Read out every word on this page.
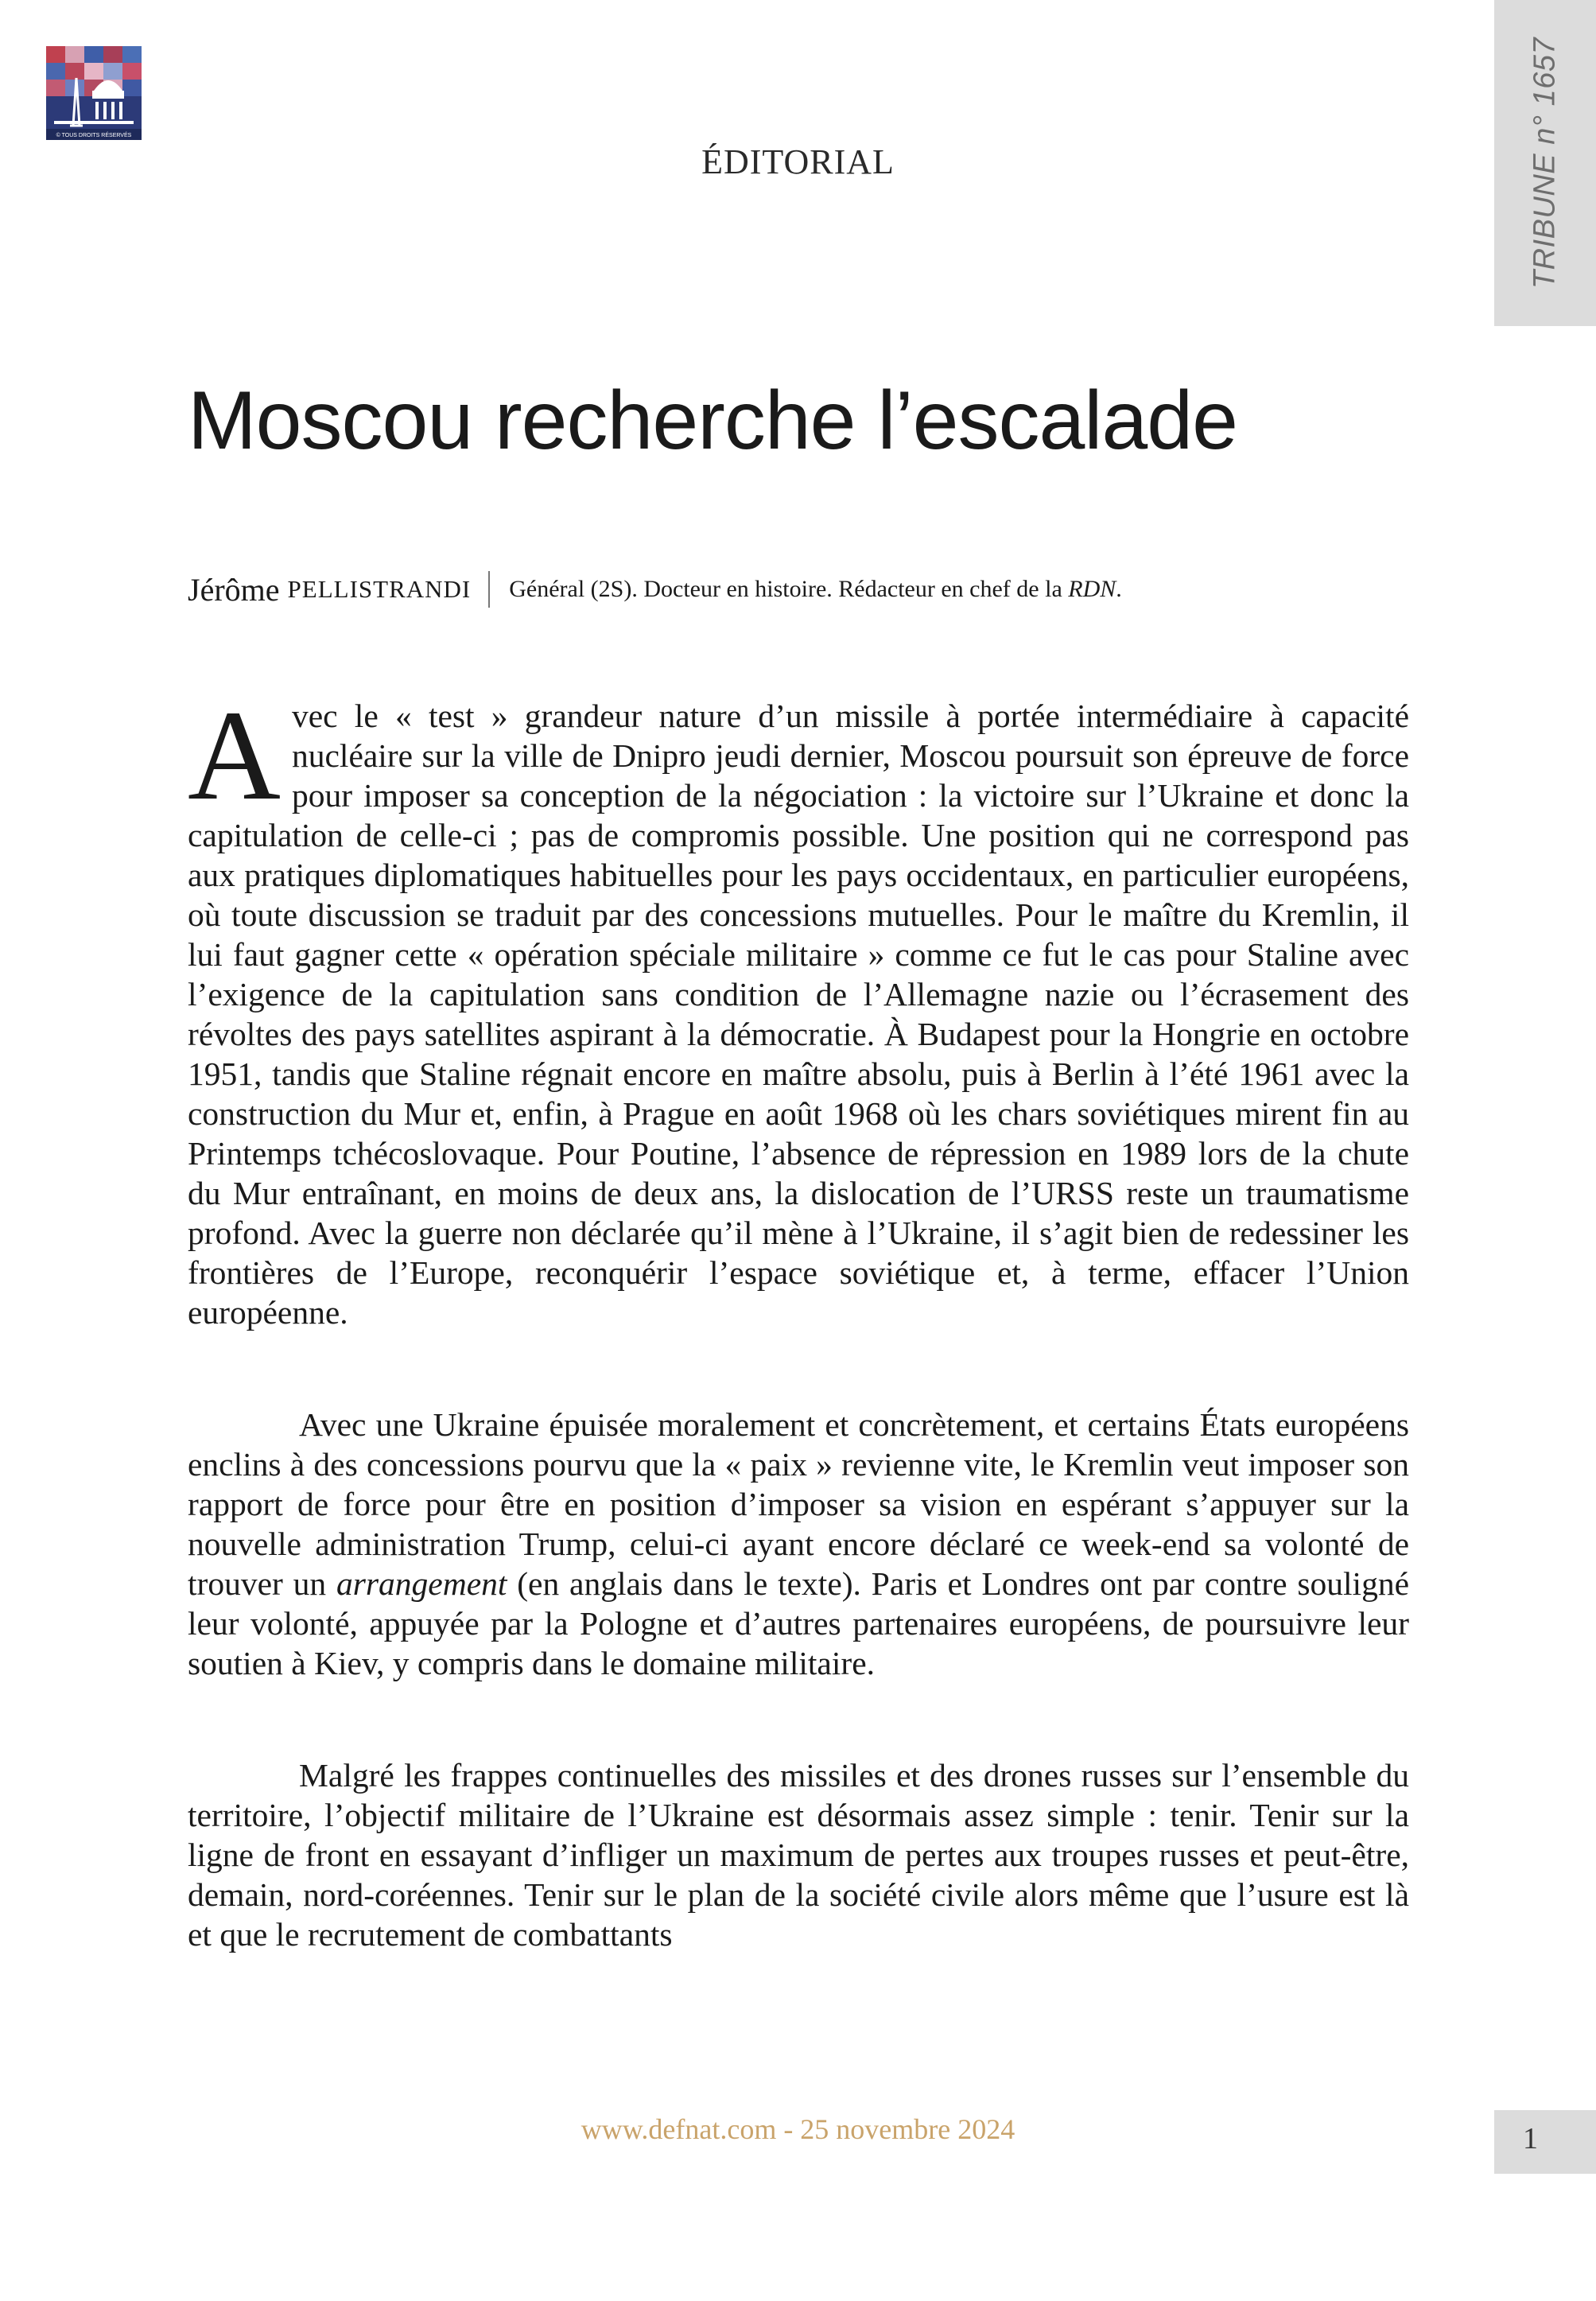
© TOUS DROITS RÉSERVÉS	TRIBUNE n° 1657
ÉDITORIAL
Moscou recherche l’escalade
Jérôme PELLISTRANDI Général (2S). Docteur en histoire. Rédacteur en chef de la RDN.

Avec le « test » grandeur nature d’un missile à portée intermédiaire à capacité nucléaire sur la ville de Dnipro jeudi dernier, Moscou poursuit son épreuve de force pour imposer sa conception de la négociation : la victoire sur l’Ukraine et donc la capitulation de celle-ci ; pas de compromis possible. Une position qui ne correspond pas aux pratiques diplomatiques habituelles pour les pays occidentaux, en particulier européens, où toute discussion se traduit par des concessions mutuelles. Pour le maître du Kremlin, il lui faut gagner cette « opération spéciale militaire » comme ce fut le cas pour Staline avec l’exigence de la capitulation sans condition de l’Allemagne nazie ou l’écrasement des révoltes des pays satellites aspirant à la démocratie. À Budapest pour la Hongrie en octobre 1951, tandis que Staline régnait encore en maître absolu, puis à Berlin à l’été 1961 avec la construction du Mur et, enfin, à Prague en août 1968 où les chars soviétiques mirent fin au Printemps tchécoslovaque. Pour Poutine, l’absence de répression en 1989 lors de la chute du Mur entraînant, en moins de deux ans, la dislocation de l’URSS reste un traumatisme profond. Avec la guerre non déclarée qu’il mène à l’Ukraine, il s’agit bien de redessiner les frontières de l’Europe, reconquérir l’espace soviétique et, à terme, effacer l’Union européenne.

Avec une Ukraine épuisée moralement et concrètement, et certains États européens enclins à des concessions pourvu que la « paix » revienne vite, le Kremlin veut imposer son rapport de force pour être en position d’imposer sa vision en espérant s’appuyer sur la nouvelle administration Trump, celui-ci ayant encore déclaré ce week-end sa volonté de trouver un arrangement (en anglais dans le texte). Paris et Londres ont par contre souligné leur volonté, appuyée par la Pologne et d’autres partenaires européens, de poursuivre leur soutien à Kiev, y compris dans le domaine militaire.

Malgré les frappes continuelles des missiles et des drones russes sur l’ensemble du territoire, l’objectif militaire de l’Ukraine est désormais assez simple : tenir. Tenir sur la ligne de front en essayant d’infliger un maximum de pertes aux troupes russes et peut-être, demain, nord-coréennes. Tenir sur le plan de la société civile alors même que l’usure est là et que le recrutement de combattants

www.defnat.com - 25 novembre 2024	1
